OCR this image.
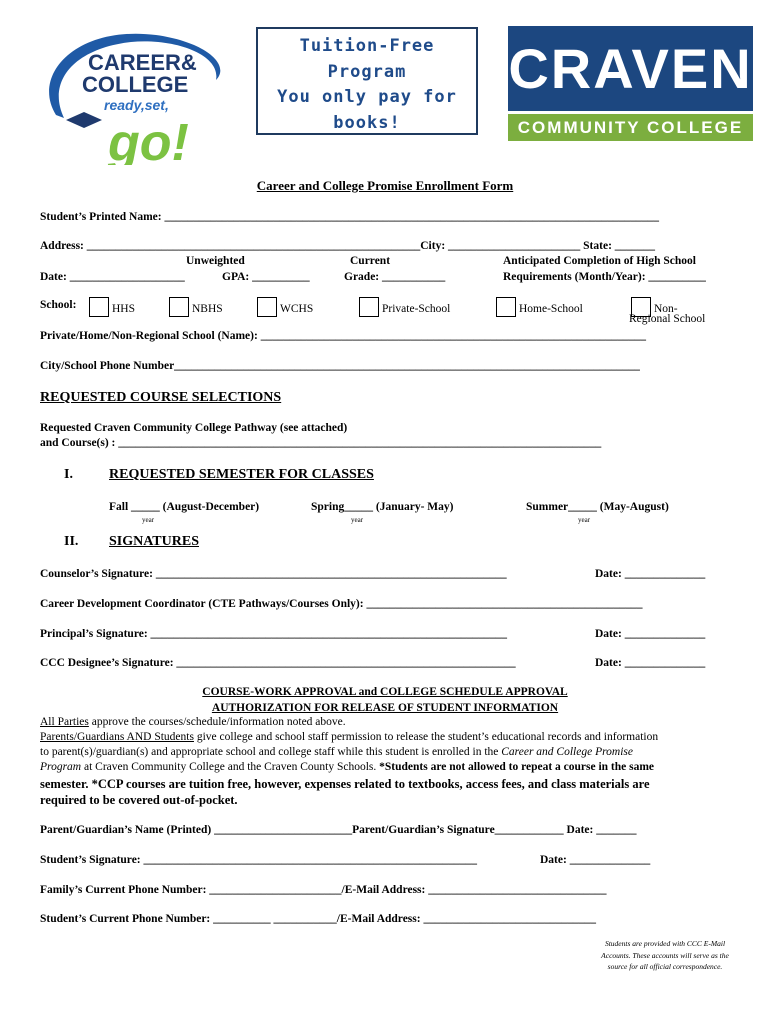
CAREER&
COLLEGE
ready,set,
go!
Tuition-Free Program
You only pay for
books!
CRAVEN
COMMUNITY COLLEGE
Career and College Promise Enrollment Form
Student’s Printed Name: ______________________________________________________________________________________
Address: __________________________________________________________City: _______________________ State: _______
Unweighted
Date: ____________________	GPA: __________
Current
Grade: ___________
Anticipated Completion of High School
Requirements (Month/Year): __________
School:	HHS	NBHS	WCHS	Private-School	Home-School	Non-
Regional School
Private/Home/Non-Regional School (Name): ___________________________________________________________________
City/School Phone Number_________________________________________________________________________________
REQUESTED COURSE SELECTIONS
Requested Craven Community College Pathway (see attached)
and Course(s) : ____________________________________________________________________________________
I.	REQUESTED SEMESTER FOR CLASSES
Fall _____ (August-December)
year
Spring_____ (January- May)
year
Summer_____ (May-August)
year
II. SIGNATURES
Counselor’s Signature: _____________________________________________________________	Date: ______________
Career Development Coordinator (CTE Pathways/Courses Only): ________________________________________________
Principal’s Signature: ______________________________________________________________	Date: ______________
CCC Designee’s Signature: ___________________________________________________________	Date: ______________
COURSE-WORK APPROVAL and COLLEGE SCHEDULE APPROVAL
AUTHORIZATION FOR RELEASE OF STUDENT INFORMATION
All Parties approve the courses/schedule/information noted above.
Parents/Guardians AND Students give college and school staff permission to release the student’s educational records and information
to parent(s)/guardian(s) and appropriate school and college staff while this student is enrolled in the Career and College Promise
Program at Craven Community College and the Craven County Schools. *Students are not allowed to repeat a course in the same
semester. *CCP courses are tuition free, however, expenses related to textbooks, access fees, and class materials are
required to be covered out-of-pocket.
Parent/Guardian’s Name (Printed) ________________________Parent/Guardian’s Signature____________ Date: _______
Student’s Signature: __________________________________________________________	Date: ______________
Family’s Current Phone Number: _______________________/E-Mail Address: _______________________________
Student’s Current Phone Number: __________ ___________/E-Mail Address: ______________________________
Students are provided with CCC E-Mail
Accounts. These accounts will serve as the
source for all official correspondence.
